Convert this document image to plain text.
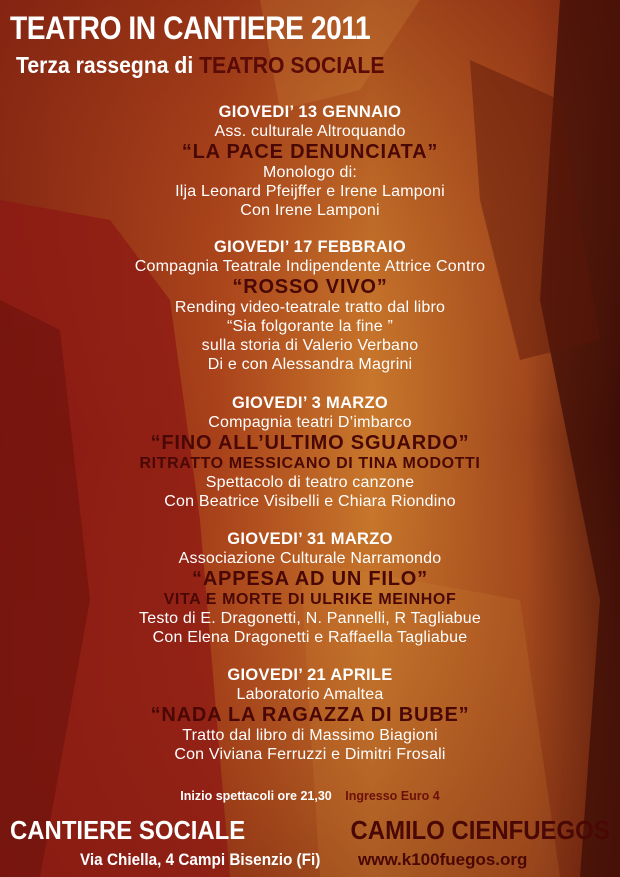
TEATRO IN CANTIERE 2011
Terza rassegna di TEATRO SOCIALE
GIOVEDI’ 13 GENNAIO
Ass. culturale Altroquando
“LA PACE DENUNCIATA”
Monologo di:
Ilja Leonard Pfeijffer e Irene Lamponi
Con Irene Lamponi
GIOVEDI’ 17 FEBBRAIO
Compagnia Teatrale Indipendente Attrice Contro
“ROSSO VIVO”
Rending video-teatrale tratto dal libro
“Sia folgorante la fine ”
sulla storia di Valerio Verbano
Di e con Alessandra Magrini
GIOVEDI’ 3 MARZO
Compagnia teatri D’imbarco
“FINO ALL’ULTIMO SGUARDO”
RITRATTO MESSICANO DI TINA MODOTTI
Spettacolo di teatro canzone
Con Beatrice Visibelli e Chiara Riondino
GIOVEDI’ 31 MARZO
Associazione Culturale Narramondo
“APPESA AD UN FILO”
VITA E MORTE DI ULRIKE MEINHOF
Testo di E. Dragonetti, N. Pannelli, R Tagliabue
Con Elena Dragonetti e Raffaella Tagliabue
GIOVEDI’ 21 APRILE
Laboratorio Amaltea
“NADA LA RAGAZZA DI BUBE”
Tratto dal libro di Massimo Biagioni
Con Viviana Ferruzzi e Dimitri Frosali
Inizio spettacoli ore 21,30 Ingresso Euro 4
CANTIERE SOCIALE	CAMILO CIENFUEGOS
Via Chiella, 4 Campi Bisenzio (Fi) www.k100fuegos.org
